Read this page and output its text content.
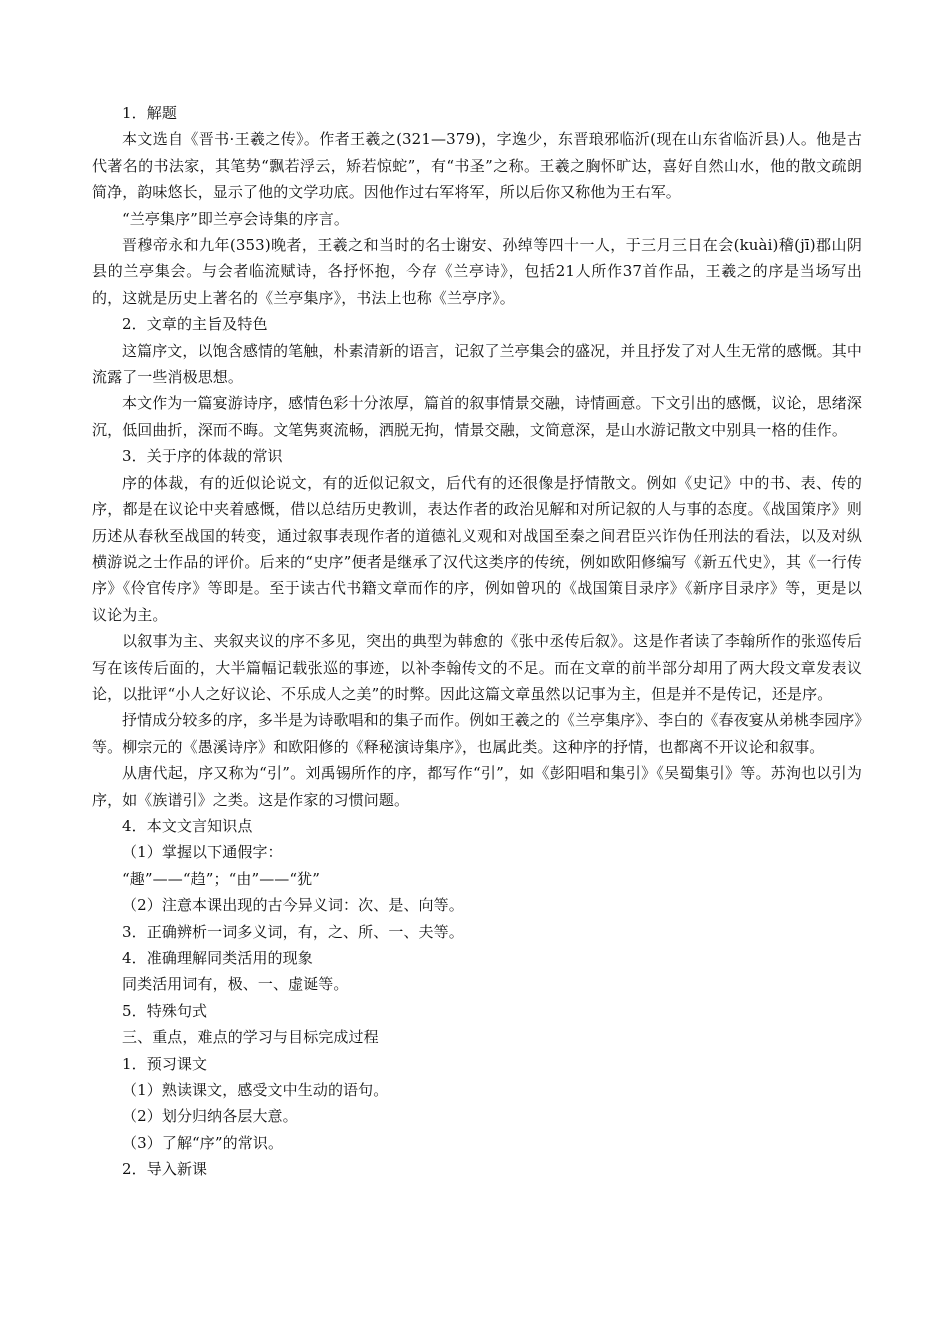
1．解题

本文选自《晋书·王羲之传》。作者王羲之(321—379)，字逸少，东晋琅邪临沂(现在山东省临沂县)人。他是古代著名的书法家，其笔势“飘若浮云，矫若惊蛇”，有“书圣”之称。王羲之胸怀旷达，喜好自然山水，他的散文疏朗简净，韵味悠长，显示了他的文学功底。因他作过右军将军，所以后你又称他为王右军。

“兰亭集序”即兰亭会诗集的序言。

晋穆帝永和九年(353)晚者，王羲之和当时的名士谢安、孙绰等四十一人，于三月三日在会(kuài)稽(jī)郡山阴县的兰亭集会。与会者临流赋诗，各抒怀抱，今存《兰亭诗》，包括21人所作37首作品，王羲之的序是当场写出的，这就是历史上著名的《兰亭集序》，书法上也称《兰亭序》。

2．文章的主旨及特色

这篇序文，以饱含感情的笔触，朴素清新的语言，记叙了兰亭集会的盛况，并且抒发了对人生无常的感慨。其中流露了一些消极思想。

本文作为一篇宴游诗序，感情色彩十分浓厚，篇首的叙事情景交融，诗情画意。下文引出的感慨，议论，思绪深沉，低回曲折，深而不晦。文笔隽爽流畅，洒脱无拘，情景交融，文简意深，是山水游记散文中别具一格的佳作。

3．关于序的体裁的常识

序的体裁，有的近似论说文，有的近似记叙文，后代有的还很像是抒情散文。例如《史记》中的书、表、传的序，都是在议论中夹着感慨，借以总结历史教训，表达作者的政治见解和对所记叙的人与事的态度。《战国策序》则历述从春秋至战国的转变，通过叙事表现作者的道德礼义观和对战国至秦之间君臣兴诈伪任刑法的看法，以及对纵横游说之士作品的评价。后来的“史序”便者是继承了汉代这类序的传统，例如欧阳修编写《新五代史》，其《一行传序》《伶官传序》等即是。至于读古代书籍文章而作的序，例如曾巩的《战国策目录序》《新序目录序》等，更是以议论为主。

以叙事为主、夹叙夹议的序不多见，突出的典型为韩愈的《张中丞传后叙》。这是作者读了李翰所作的张巡传后写在该传后面的，大半篇幅记载张巡的事迹，以补李翰传文的不足。而在文章的前半部分却用了两大段文章发表议论，以批评“小人之好议论、不乐成人之美”的时弊。因此这篇文章虽然以记事为主，但是并不是传记，还是序。

抒情成分较多的序，多半是为诗歌唱和的集子而作。例如王羲之的《兰亭集序》、李白的《春夜宴从弟桃李园序》等。柳宗元的《愚溪诗序》和欧阳修的《释秘演诗集序》，也属此类。这种序的抒情，也都离不开议论和叙事。

从唐代起，序又称为“引”。刘禹锡所作的序，都写作“引”，如《彭阳唱和集引》《吴蜀集引》等。苏洵也以引为序，如《族谱引》之类。这是作家的习惯问题。

4．本文文言知识点

（1）掌握以下通假字：

“趣”——“趋”；“由”——“犹”

（2）注意本课出现的古今异义词：次、是、向等。

3．正确辨析一词多义词，有，之、所、一、夫等。

4．准确理解同类活用的现象

同类活用词有，极、一、虚诞等。

5．特殊句式

三、重点，难点的学习与目标完成过程

1．预习课文

（1）熟读课文，感受文中生动的语句。

（2）划分归纳各层大意。

（3）了解“序”的常识。

2．导入新课
